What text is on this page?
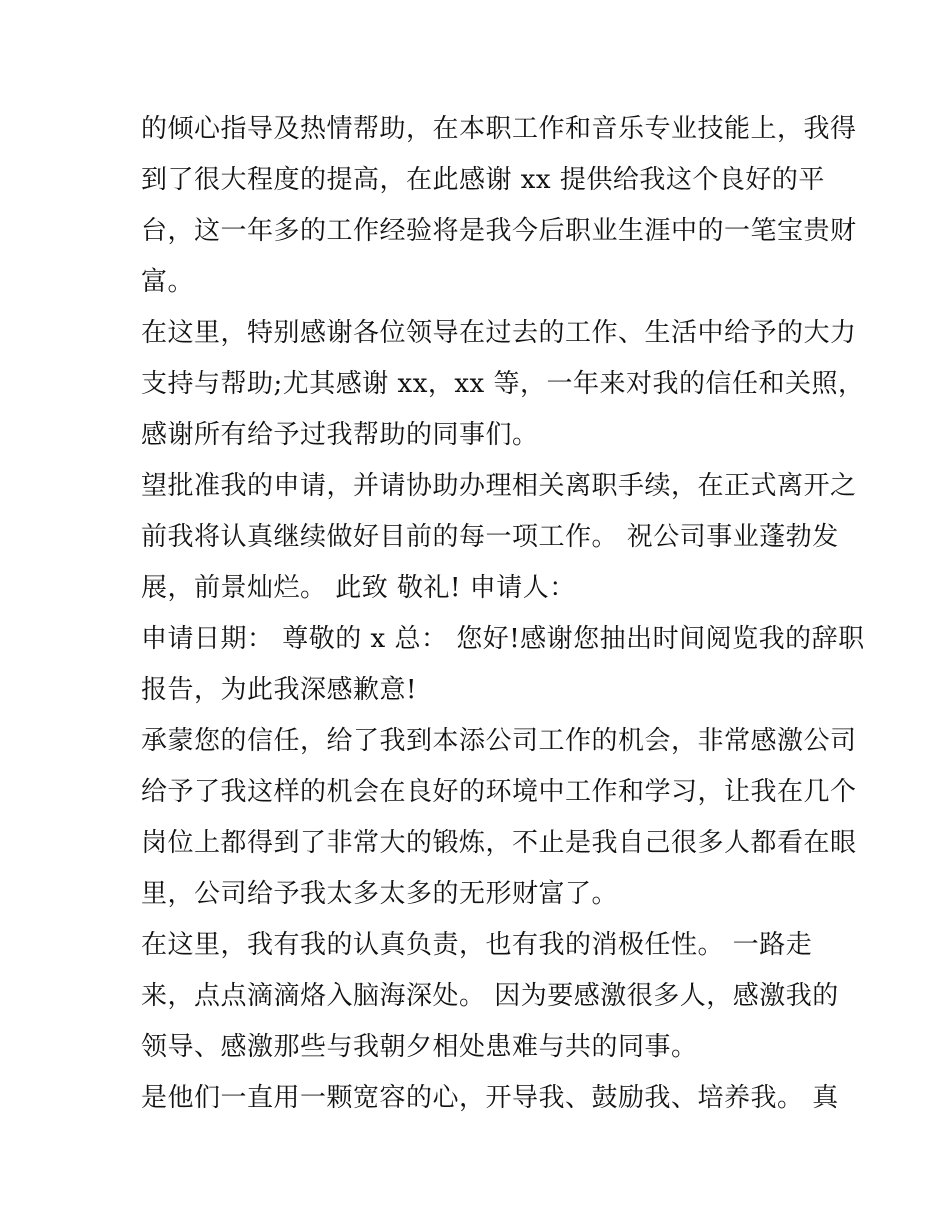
的倾心指导及热情帮助，在本职工作和音乐专业技能上，我得
到了很大程度的提高，在此感谢 xx 提供给我这个良好的平
台，这一年多的工作经验将是我今后职业生涯中的一笔宝贵财
富。
在这里，特别感谢各位领导在过去的工作、生活中给予的大力
支持与帮助;尤其感谢 xx，xx 等，一年来对我的信任和关照，
感谢所有给予过我帮助的同事们。
望批准我的申请，并请协助办理相关离职手续，在正式离开之
前我将认真继续做好目前的每一项工作。 祝公司事业蓬勃发
展，前景灿烂。 此致 敬礼! 申请人：
申请日期： 尊敬的 x 总： 您好!感谢您抽出时间阅览我的辞职
报告，为此我深感歉意!
承蒙您的信任，给了我到本添公司工作的机会，非常感激公司
给予了我这样的机会在良好的环境中工作和学习，让我在几个
岗位上都得到了非常大的锻炼，不止是我自己很多人都看在眼
里，公司给予我太多太多的无形财富了。
在这里，我有我的认真负责，也有我的消极任性。 一路走
来，点点滴滴烙入脑海深处。 因为要感激很多人，感激我的
领导、感激那些与我朝夕相处患难与共的同事。
是他们一直用一颗宽容的心，开导我、鼓励我、培养我。 真
